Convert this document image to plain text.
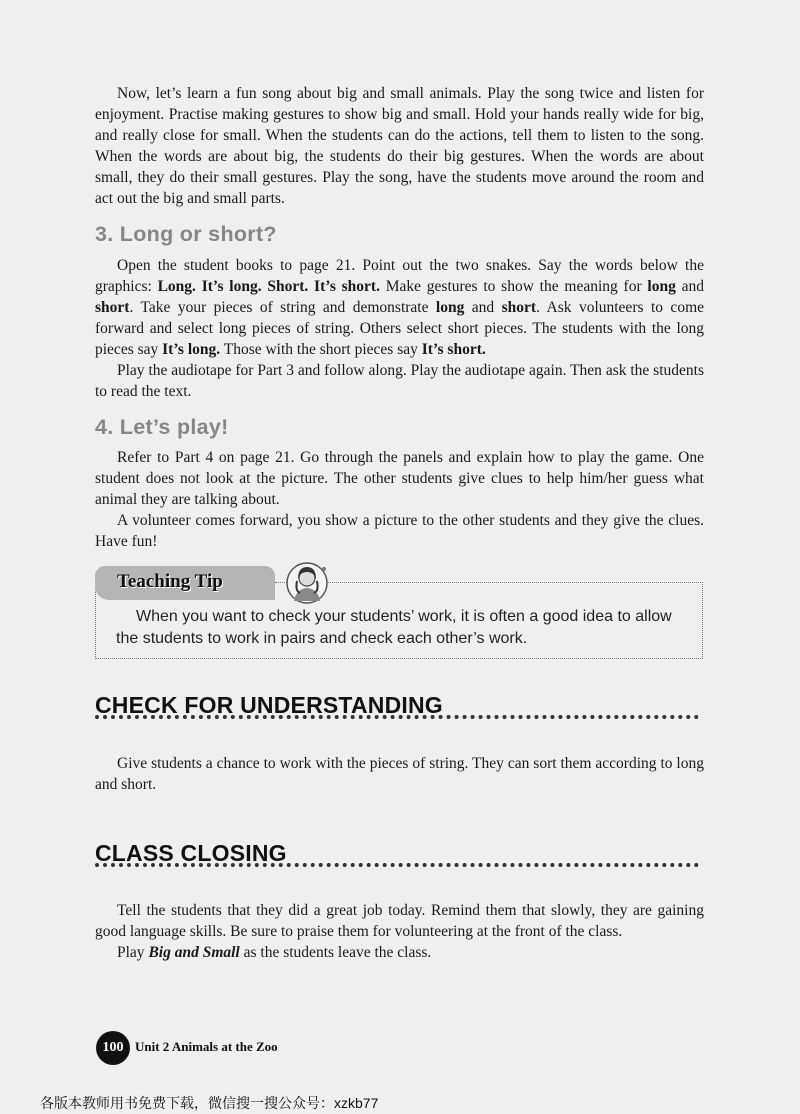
Now, let’s learn a fun song about big and small animals. Play the song twice and listen for enjoyment. Practise making gestures to show big and small. Hold your hands really wide for big, and really close for small. When the students can do the actions, tell them to listen to the song. When the words are about big, the students do their big gestures. When the words are about small, they do their small gestures. Play the song, have the students move around the room and act out the big and small parts.

3. Long or short?

Open the student books to page 21. Point out the two snakes. Say the words below the graphics: Long. It’s long. Short. It’s short. Make gestures to show the meaning for long and short. Take your pieces of string and demonstrate long and short. Ask volunteers to come forward and select long pieces of string. Others select short pieces. The students with the long pieces say It’s long. Those with the short pieces say It’s short.

Play the audiotape for Part 3 and follow along. Play the audiotape again. Then ask the students to read the text.

4. Let’s play!

Refer to Part 4 on page 21. Go through the panels and explain how to play the game. One student does not look at the picture. The other students give clues to help him/her guess what animal they are talking about.

A volunteer comes forward, you show a picture to the other students and they give the clues. Have fun!

Teaching Tip
When you want to check your students’ work, it is often a good idea to allow
the students to work in pairs and check each other’s work.
CHECK FOR UNDERSTANDING

Give students a chance to work with the pieces of string. They can sort them according to long and short.

CLASS CLOSING

Tell the students that they did a great job today. Remind them that slowly, they are gaining good language skills. Be sure to praise them for volunteering at the front of the class.

Play Big and Small as the students leave the class.

100 Unit 2 Animals at the Zoo
各版本教师用书免费下载，微信搜一搜公众号：xzkb77
